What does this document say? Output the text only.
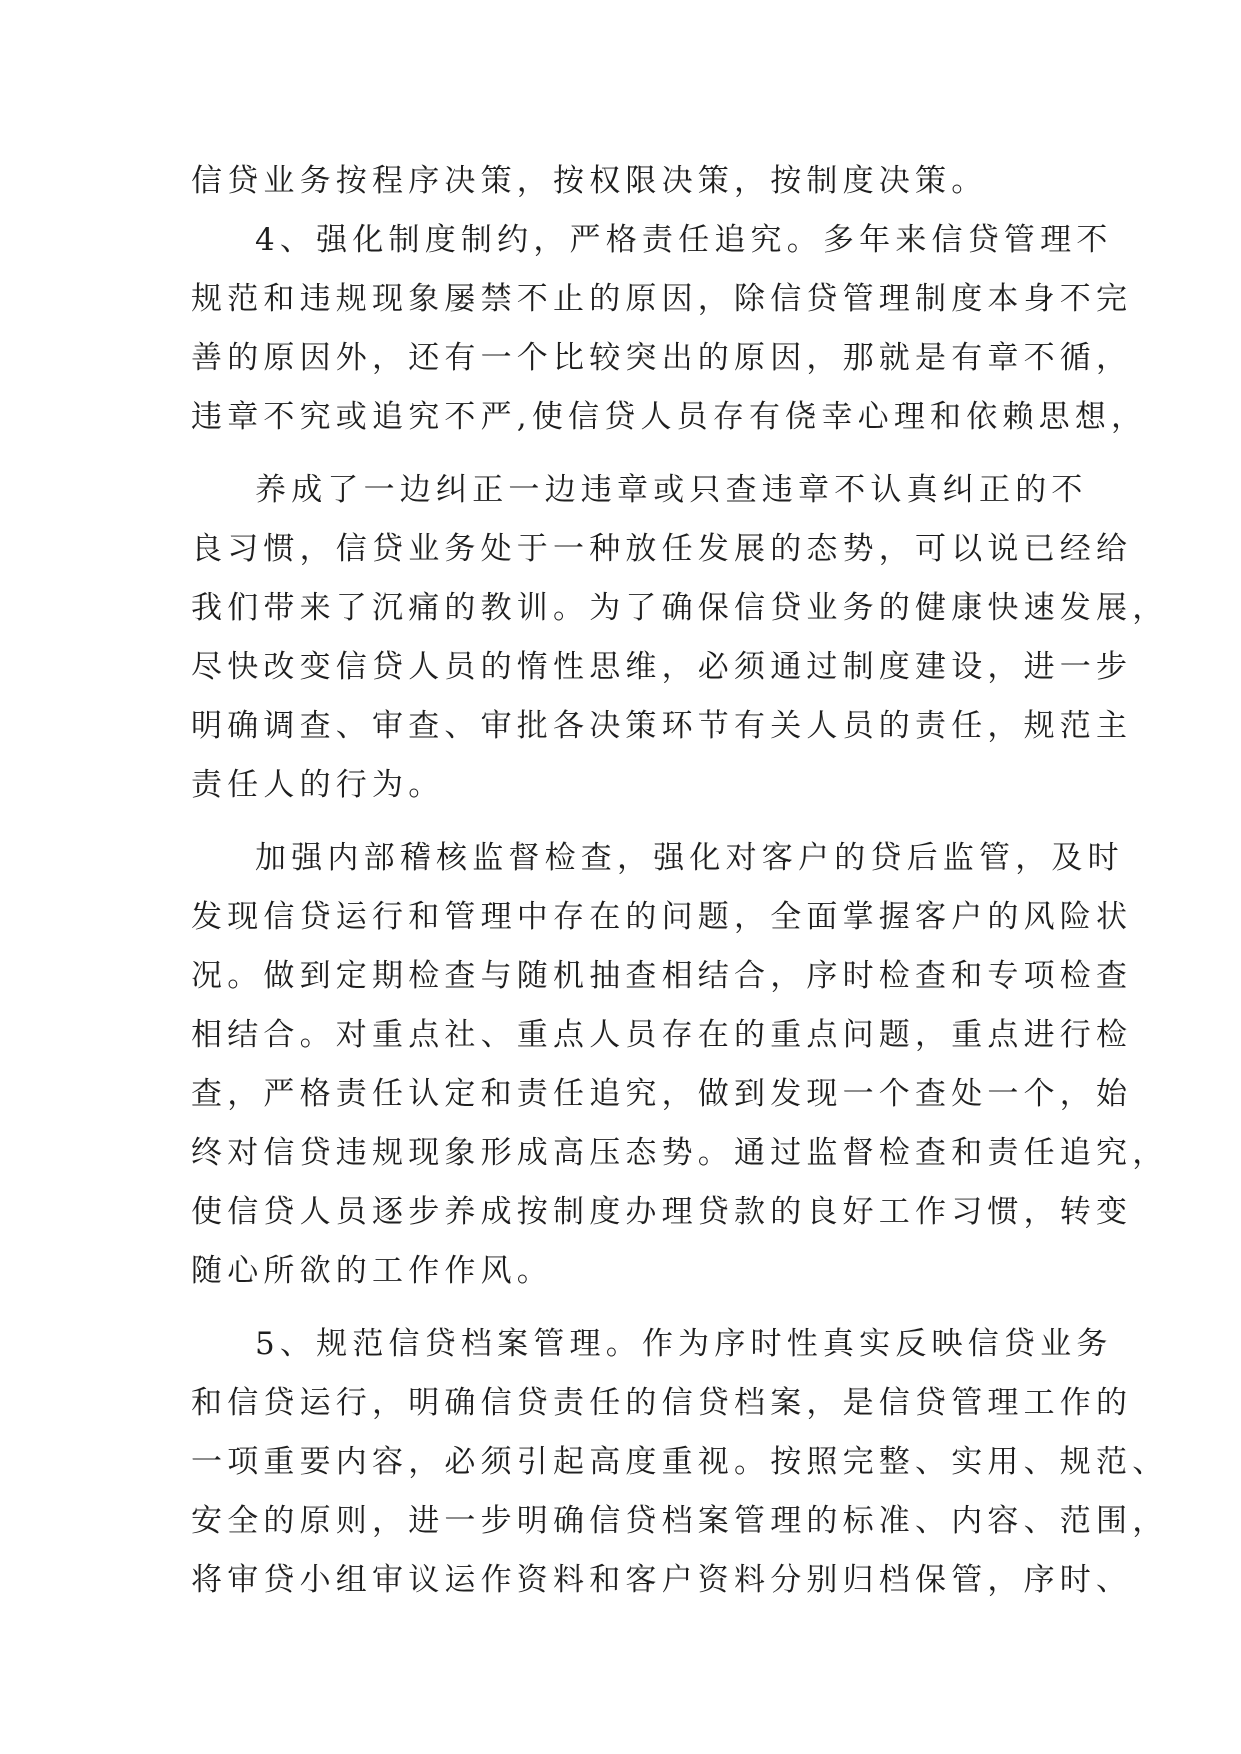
信贷业务按程序决策，按权限决策，按制度决策。
4、强化制度制约，严格责任追究。多年来信贷管理不
规范和违规现象屡禁不止的原因，除信贷管理制度本身不完
善的原因外，还有一个比较突出的原因，那就是有章不循，
违章不究或追究不严,使信贷人员存有侥幸心理和依赖思想，
养成了一边纠正一边违章或只查违章不认真纠正的不
良习惯，信贷业务处于一种放任发展的态势，可以说已经给
我们带来了沉痛的教训。为了确保信贷业务的健康快速发展，
尽快改变信贷人员的惰性思维，必须通过制度建设，进一步
明确调查、审查、审批各决策环节有关人员的责任，规范主
责任人的行为。
加强内部稽核监督检查，强化对客户的贷后监管，及时
发现信贷运行和管理中存在的问题，全面掌握客户的风险状
况。做到定期检查与随机抽查相结合，序时检查和专项检查
相结合。对重点社、重点人员存在的重点问题，重点进行检
查，严格责任认定和责任追究，做到发现一个查处一个，始
终对信贷违规现象形成高压态势。通过监督检查和责任追究，
使信贷人员逐步养成按制度办理贷款的良好工作习惯，转变
随心所欲的工作作风。
5、规范信贷档案管理。作为序时性真实反映信贷业务
和信贷运行，明确信贷责任的信贷档案，是信贷管理工作的
一项重要内容，必须引起高度重视。按照完整、实用、规范、
安全的原则，进一步明确信贷档案管理的标准、内容、范围，
将审贷小组审议运作资料和客户资料分别归档保管，序时、
